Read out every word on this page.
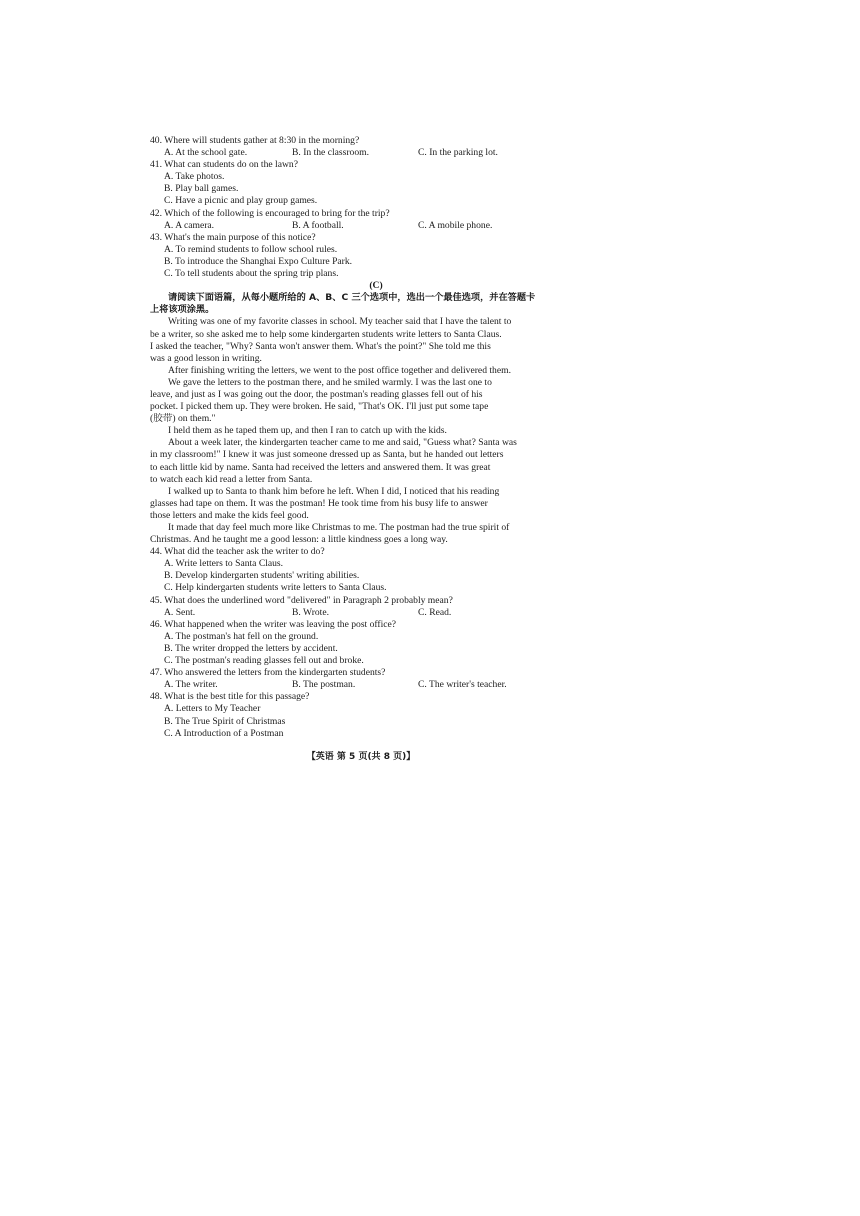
40. Where will students gather at 8:30 in the morning?
A. At the school gate.	B. In the classroom.	C. In the parking lot.
41. What can students do on the lawn?
A. Take photos.
B. Play ball games.
C. Have a picnic and play group games.
42. Which of the following is encouraged to bring for the trip?
A. A camera.	B. A football.	C. A mobile phone.
43. What's the main purpose of this notice?
A. To remind students to follow school rules.
B. To introduce the Shanghai Expo Culture Park.
C. To tell students about the spring trip plans.
(C)
请阅读下面语篇，从每小题所给的 A、B、C 三个选项中，选出一个最佳选项，并在答题卡
上将该项涂黑。
Writing was one of my favorite classes in school. My teacher said that I have the talent to
be a writer, so she asked me to help some kindergarten students write letters to Santa Claus.
I asked the teacher, "Why? Santa won't answer them. What's the point?" She told me this
was a good lesson in writing.
After finishing writing the letters, we went to the post office together and delivered them.
We gave the letters to the postman there, and he smiled warmly. I was the last one to
leave, and just as I was going out the door, the postman's reading glasses fell out of his
pocket. I picked them up. They were broken. He said, "That's OK. I'll just put some tape
(胶带) on them."
I held them as he taped them up, and then I ran to catch up with the kids.
About a week later, the kindergarten teacher came to me and said, "Guess what? Santa was
in my classroom!" I knew it was just someone dressed up as Santa, but he handed out letters
to each little kid by name. Santa had received the letters and answered them. It was great
to watch each kid read a letter from Santa.
I walked up to Santa to thank him before he left. When I did, I noticed that his reading
glasses had tape on them. It was the postman! He took time from his busy life to answer
those letters and make the kids feel good.
It made that day feel much more like Christmas to me. The postman had the true spirit of
Christmas. And he taught me a good lesson: a little kindness goes a long way.
44. What did the teacher ask the writer to do?
A. Write letters to Santa Claus.
B. Develop kindergarten students' writing abilities.
C. Help kindergarten students write letters to Santa Claus.
45. What does the underlined word "delivered" in Paragraph 2 probably mean?
A. Sent.	B. Wrote.	C. Read.
46. What happened when the writer was leaving the post office?
A. The postman's hat fell on the ground.
B. The writer dropped the letters by accident.
C. The postman's reading glasses fell out and broke.
47. Who answered the letters from the kindergarten students?
A. The writer.	B. The postman.	C. The writer's teacher.
48. What is the best title for this passage?
A. Letters to My Teacher
B. The True Spirit of Christmas
C. A Introduction of a Postman
【英语 第 5 页(共 8 页)】
